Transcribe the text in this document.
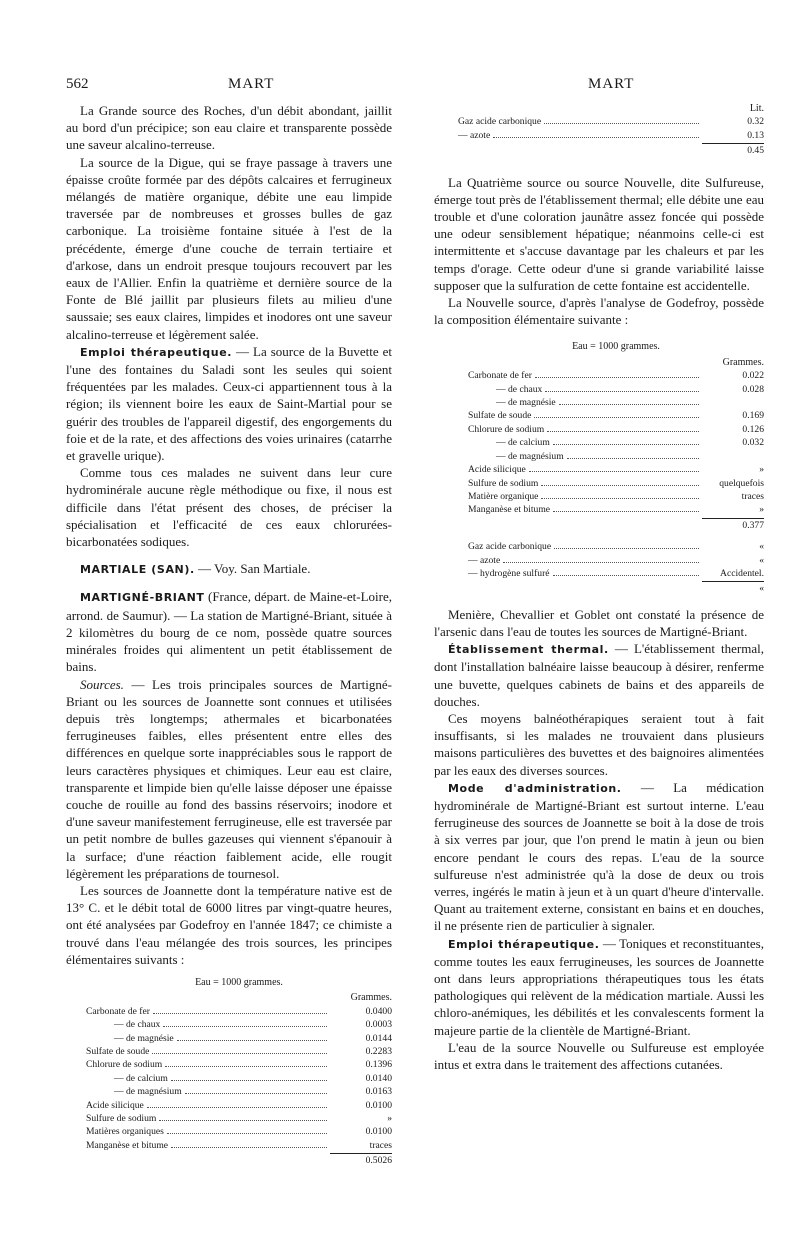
562	MART	MART

La Grande source des Roches, d'un débit abondant, jaillit au bord d'un précipice; son eau claire et transparente possède une saveur alcalino-terreuse.

La source de la Digue, qui se fraye passage à travers une épaisse croûte formée par des dépôts calcaires et ferrugineux mélangés de matière organique, débite une eau limpide traversée par de nombreuses et grosses bulles de gaz carbonique. La troisième fontaine située à l'est de la précédente, émerge d'une couche de terrain tertiaire et d'arkose, dans un endroit presque toujours recouvert par les eaux de l'Allier. Enfin la quatrième et dernière source de la Fonte de Blé jaillit par plusieurs filets au milieu d'une saussaie; ses eaux claires, limpides et inodores ont une saveur alcalino-terreuse et légèrement salée.

Emploi thérapeutique. — La source de la Buvette et l'une des fontaines du Saladi sont les seules qui soient fréquentées par les malades. Ceux-ci appartiennent tous à la région; ils viennent boire les eaux de Saint-Martial pour se guérir des troubles de l'appareil digestif, des engorgements du foie et de la rate, et des affections des voies urinaires (catarrhe et gravelle urique).

Comme tous ces malades ne suivent dans leur cure hydrominérale aucune règle méthodique ou fixe, il nous est difficile dans l'état présent des choses, de préciser la spécialisation et l'efficacité de ces eaux chlorurées-bicarbonatées sodiques.

MARTIALE (SAN). — Voy. San Martiale.

MARTIGNÉ-BRIANT (France, départ. de Maine-et-Loire, arrond. de Saumur). — La station de Martigné-Briant, située à 2 kilomètres du bourg de ce nom, possède quatre sources minérales froides qui alimentent un petit établissement de bains.

Sources. — Les trois principales sources de Martigné-Briant ou les sources de Joannette sont connues et utilisées depuis très longtemps; athermales et bicarbonatées ferrugineuses faibles, elles présentent entre elles des différences en quelque sorte inappréciables sous le rapport de leurs caractères physiques et chimiques. Leur eau est claire, transparente et limpide bien qu'elle laisse déposer une épaisse couche de rouille au fond des bassins réservoirs; inodore et d'une saveur manifestement ferrugineuse, elle est traversée par un petit nombre de bulles gazeuses qui viennent s'épanouir à la surface; d'une réaction faiblement acide, elle rougit légèrement les préparations de tournesol.

Les sources de Joannette dont la température native est de 13° C. et le débit total de 6000 litres par vingt-quatre heures, ont été analysées par Godefroy en l'année 1847; ce chimiste a trouvé dans l'eau mélangée des trois sources, les principes élémentaires suivants :

Eau = 1000 grammes.
Grammes.
Carbonate de fer	0.0400
— de chaux	0.0003
— de magnésie	0.0144
Sulfate de soude	0.2283
Chlorure de sodium	0.1396
— de calcium	0.0140
— de magnésium	0.0163
Acide silicique	0.0100
Sulfure de sodium	»
Matières organiques	0.0100
Manganèse et bitume	traces
0.5026
Lit.
Gaz acide carbonique	0.32
— azote	0.13
0.45

La Quatrième source ou source Nouvelle, dite Sulfureuse, émerge tout près de l'établissement thermal; elle débite une eau trouble et d'une coloration jaunâtre assez foncée qui possède une odeur sensiblement hépatique; néanmoins celle-ci est intermittente et s'accuse davantage par les chaleurs et par les temps d'orage. Cette odeur d'une si grande variabilité laisse supposer que la sulfuration de cette fontaine est accidentelle.

La Nouvelle source, d'après l'analyse de Godefroy, possède la composition élémentaire suivante :

Eau = 1000 grammes.
Grammes.
Carbonate de fer	0.022
— de chaux	0.028
— de magnésie
Sulfate de soude	0.169
Chlorure de sodium	0.126
— de calcium	0.032
— de magnésium
Acide silicique	»
Sulfure de sodium	quelquefois
Matière organique	traces
Manganèse et bitume	»
0.377
Gaz acide carbonique	«
— azote	«
— hydrogène sulfuré	Accidentel.
«

Menière, Chevallier et Goblet ont constaté la présence de l'arsenic dans l'eau de toutes les sources de Martigné-Briant.

Établissement thermal. — L'établissement thermal, dont l'installation balnéaire laisse beaucoup à désirer, renferme une buvette, quelques cabinets de bains et des appareils de douches.

Ces moyens balnéothérapiques seraient tout à fait insuffisants, si les malades ne trouvaient dans plusieurs maisons particulières des buvettes et des baignoires alimentées par les eaux des diverses sources.

Mode d'administration. — La médication hydrominérale de Martigné-Briant est surtout interne. L'eau ferrugineuse des sources de Joannette se boit à la dose de trois à six verres par jour, que l'on prend le matin à jeun ou bien encore pendant le cours des repas. L'eau de la source sulfureuse n'est administrée qu'à la dose de deux ou trois verres, ingérés le matin à jeun et à un quart d'heure d'intervalle. Quant au traitement externe, consistant en bains et en douches, il ne présente rien de particulier à signaler.

Emploi thérapeutique. — Toniques et reconstituantes, comme toutes les eaux ferrugineuses, les sources de Joannette ont dans leurs appropriations thérapeutiques tous les états pathologiques qui relèvent de la médication martiale. Aussi les chloro-anémiques, les débilités et les convalescents forment la majeure partie de la clientèle de Martigné-Briant.

L'eau de la source Nouvelle ou Sulfureuse est employée intus et extra dans le traitement des affections cutanées.
